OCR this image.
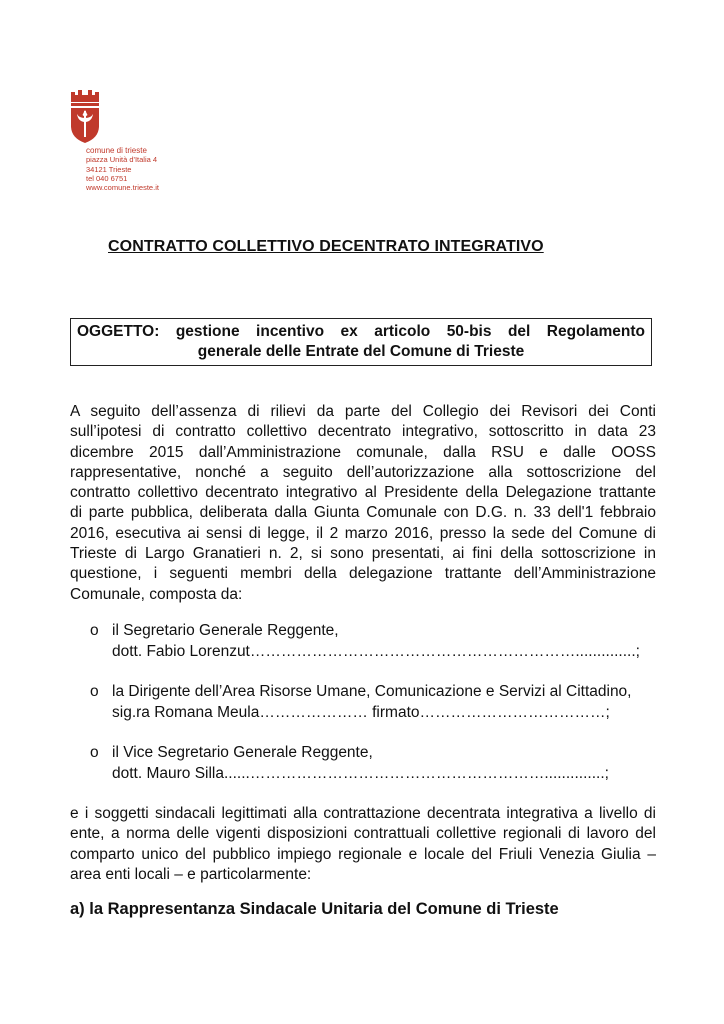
comune di trieste
piazza Unità d'Italia 4
34121 Trieste
tel 040 6751
www.comune.trieste.it
CONTRATTO COLLETTIVO DECENTRATO INTEGRATIVO
OGGETTO: gestione incentivo ex articolo 50-bis del Regolamento
generale delle Entrate del Comune di Trieste
A seguito dell’assenza di rilievi da parte del Collegio dei Revisori dei Conti
sull’ipotesi di contratto collettivo decentrato integrativo, sottoscritto in data 23
dicembre 2015 dall’Amministrazione comunale, dalla RSU e dalle OOSS
rappresentative, nonché a seguito dell’autorizzazione alla sottoscrizione del
contratto collettivo decentrato integrativo al Presidente della Delegazione trattante
di parte pubblica, deliberata dalla Giunta Comunale con D.G. n. 33 dell'1 febbraio
2016, esecutiva ai sensi di legge, il 2 marzo 2016, presso la sede del Comune di
Trieste di Largo Granatieri n. 2, si sono presentati, ai fini della sottoscrizione in
questione, i seguenti membri della delegazione trattante dell’Amministrazione
Comunale, composta da:
o il Segretario Generale Reggente,
dott. Fabio Lorenzut………………………………………………………..............;
o la Dirigente dell’Area Risorse Umane, Comunicazione e Servizi al Cittadino,
sig.ra Romana Meula………………… firmato………………………………;
o il Vice Segretario Generale Reggente,
dott. Mauro Silla......…………………………………………………..............;
e i soggetti sindacali legittimati alla contrattazione decentrata integrativa a livello di
ente, a norma delle vigenti disposizioni contrattuali collettive regionali di lavoro del
comparto unico del pubblico impiego regionale e locale del Friuli Venezia Giulia –
area enti locali – e particolarmente:
a) la Rappresentanza Sindacale Unitaria del Comune di Trieste
